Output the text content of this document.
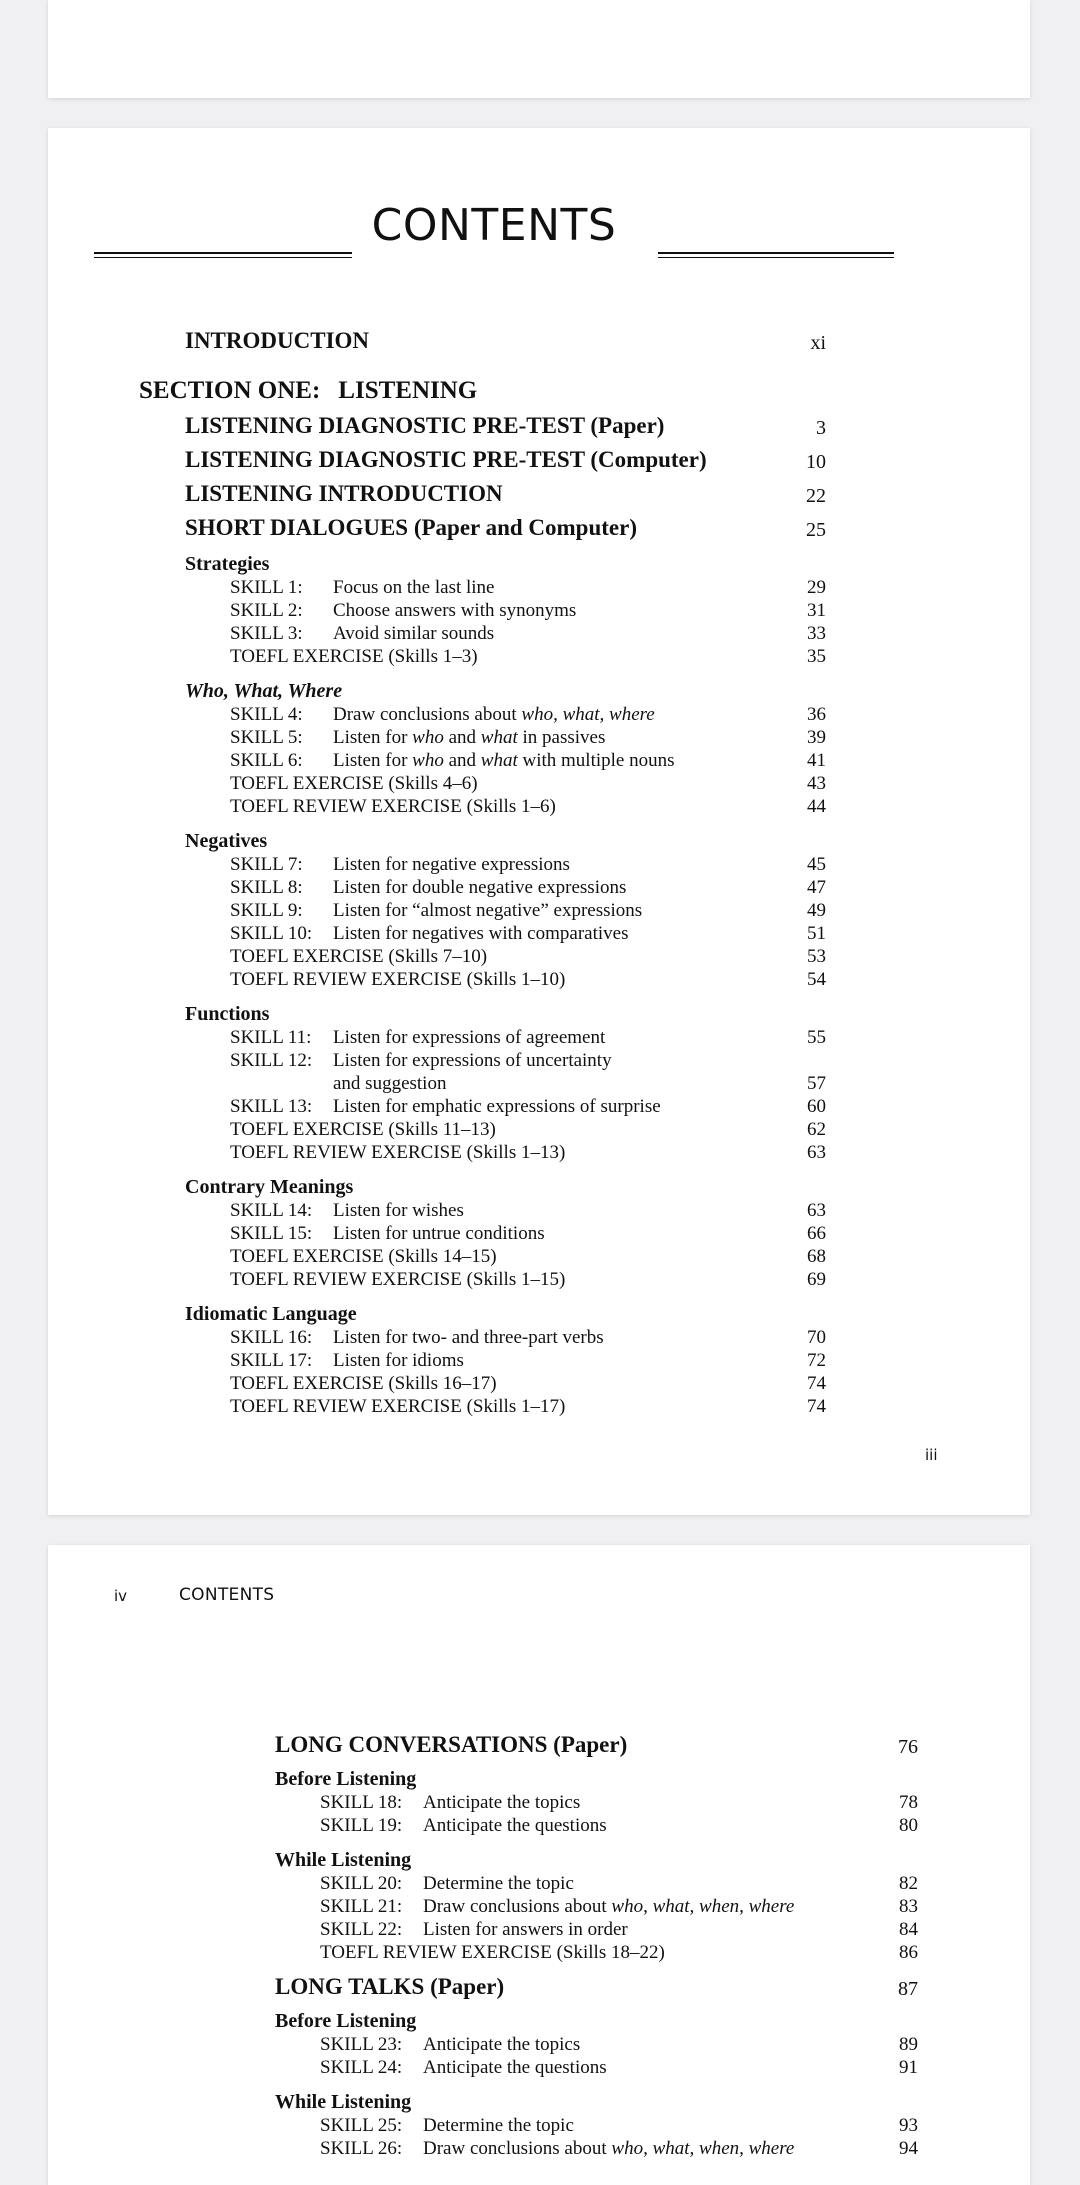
CONTENTS
INTRODUCTION	xi
SECTION ONE: LISTENING
LISTENING DIAGNOSTIC PRE-TEST (Paper)	3
LISTENING DIAGNOSTIC PRE-TEST (Computer)	10
LISTENING INTRODUCTION	22
SHORT DIALOGUES (Paper and Computer)	25
Strategies
SKILL 1: Focus on the last line	29
SKILL 2: Choose answers with synonyms	31
SKILL 3: Avoid similar sounds	33
TOEFL EXERCISE (Skills 1–3)	35
Who, What, Where
SKILL 4: Draw conclusions about who, what, where	36
SKILL 5: Listen for who and what in passives	39
SKILL 6: Listen for who and what with multiple nouns	41
TOEFL EXERCISE (Skills 4–6)	43
TOEFL REVIEW EXERCISE (Skills 1–6)	44
Negatives
SKILL 7: Listen for negative expressions	45
SKILL 8: Listen for double negative expressions	47
SKILL 9: Listen for “almost negative” expressions	49
SKILL 10: Listen for negatives with comparatives	51
TOEFL EXERCISE (Skills 7–10)	53
TOEFL REVIEW EXERCISE (Skills 1–10)	54
Functions
SKILL 11: Listen for expressions of agreement	55
SKILL 12: Listen for expressions of uncertainty
and suggestion	57
SKILL 13: Listen for emphatic expressions of surprise	60
TOEFL EXERCISE (Skills 11–13)	62
TOEFL REVIEW EXERCISE (Skills 1–13)	63
Contrary Meanings
SKILL 14: Listen for wishes	63
SKILL 15: Listen for untrue conditions	66
TOEFL EXERCISE (Skills 14–15)	68
TOEFL REVIEW EXERCISE (Skills 1–15)	69
Idiomatic Language
SKILL 16: Listen for two- and three-part verbs	70
SKILL 17: Listen for idioms	72
TOEFL EXERCISE (Skills 16–17)	74
TOEFL REVIEW EXERCISE (Skills 1–17)	74
iii
iv	CONTENTS
LONG CONVERSATIONS (Paper)	76
Before Listening
SKILL 18: Anticipate the topics	78
SKILL 19: Anticipate the questions	80
While Listening
SKILL 20: Determine the topic	82
SKILL 21: Draw conclusions about who, what, when, where	83
SKILL 22: Listen for answers in order	84
TOEFL REVIEW EXERCISE (Skills 18–22)	86
LONG TALKS (Paper)	87
Before Listening
SKILL 23: Anticipate the topics	89
SKILL 24: Anticipate the questions	91
While Listening
SKILL 25: Determine the topic	93
SKILL 26: Draw conclusions about who, what, when, where	94
